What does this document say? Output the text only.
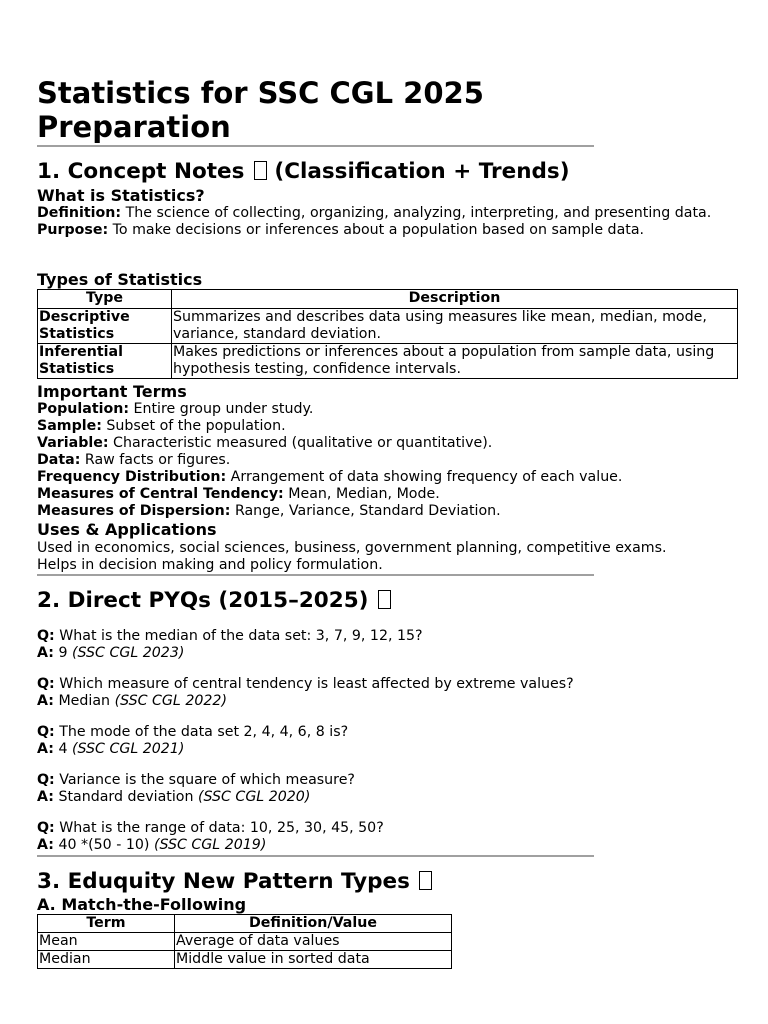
Statistics for SSC CGL 2025 Preparation
1. Concept Notes (Classification + Trends)
What is Statistics?
Definition: The science of collecting, organizing, analyzing, interpreting, and presenting data.
Purpose: To make decisions or inferences about a population based on sample data.
Types of Statistics
Type	Description
Descriptive Statistics	Summarizes and describes data using measures like mean, median, mode, variance, standard deviation.
Inferential Statistics	Makes predictions or inferences about a population from sample data, using hypothesis testing, confidence intervals.
Important Terms
Population: Entire group under study.
Sample: Subset of the population.
Variable: Characteristic measured (qualitative or quantitative).
Data: Raw facts or figures.
Frequency Distribution: Arrangement of data showing frequency of each value.
Measures of Central Tendency: Mean, Median, Mode.
Measures of Dispersion: Range, Variance, Standard Deviation.
Uses & Applications
Used in economics, social sciences, business, government planning, competitive exams.
Helps in decision making and policy formulation.
2. Direct PYQs (2015–2025)
Q: What is the median of the data set: 3, 7, 9, 12, 15?
A: 9 (SSC CGL 2023)
Q: Which measure of central tendency is least affected by extreme values?
A: Median (SSC CGL 2022)
Q: The mode of the data set 2, 4, 4, 6, 8 is?
A: 4 (SSC CGL 2021)
Q: Variance is the square of which measure?
A: Standard deviation (SSC CGL 2020)
Q: What is the range of data: 10, 25, 30, 45, 50?
A: 40 *(50 - 10) (SSC CGL 2019)
3. Eduquity New Pattern Types
A. Match-the-Following
Term	Definition/Value
Mean	Average of data values
Median	Middle value in sorted data
